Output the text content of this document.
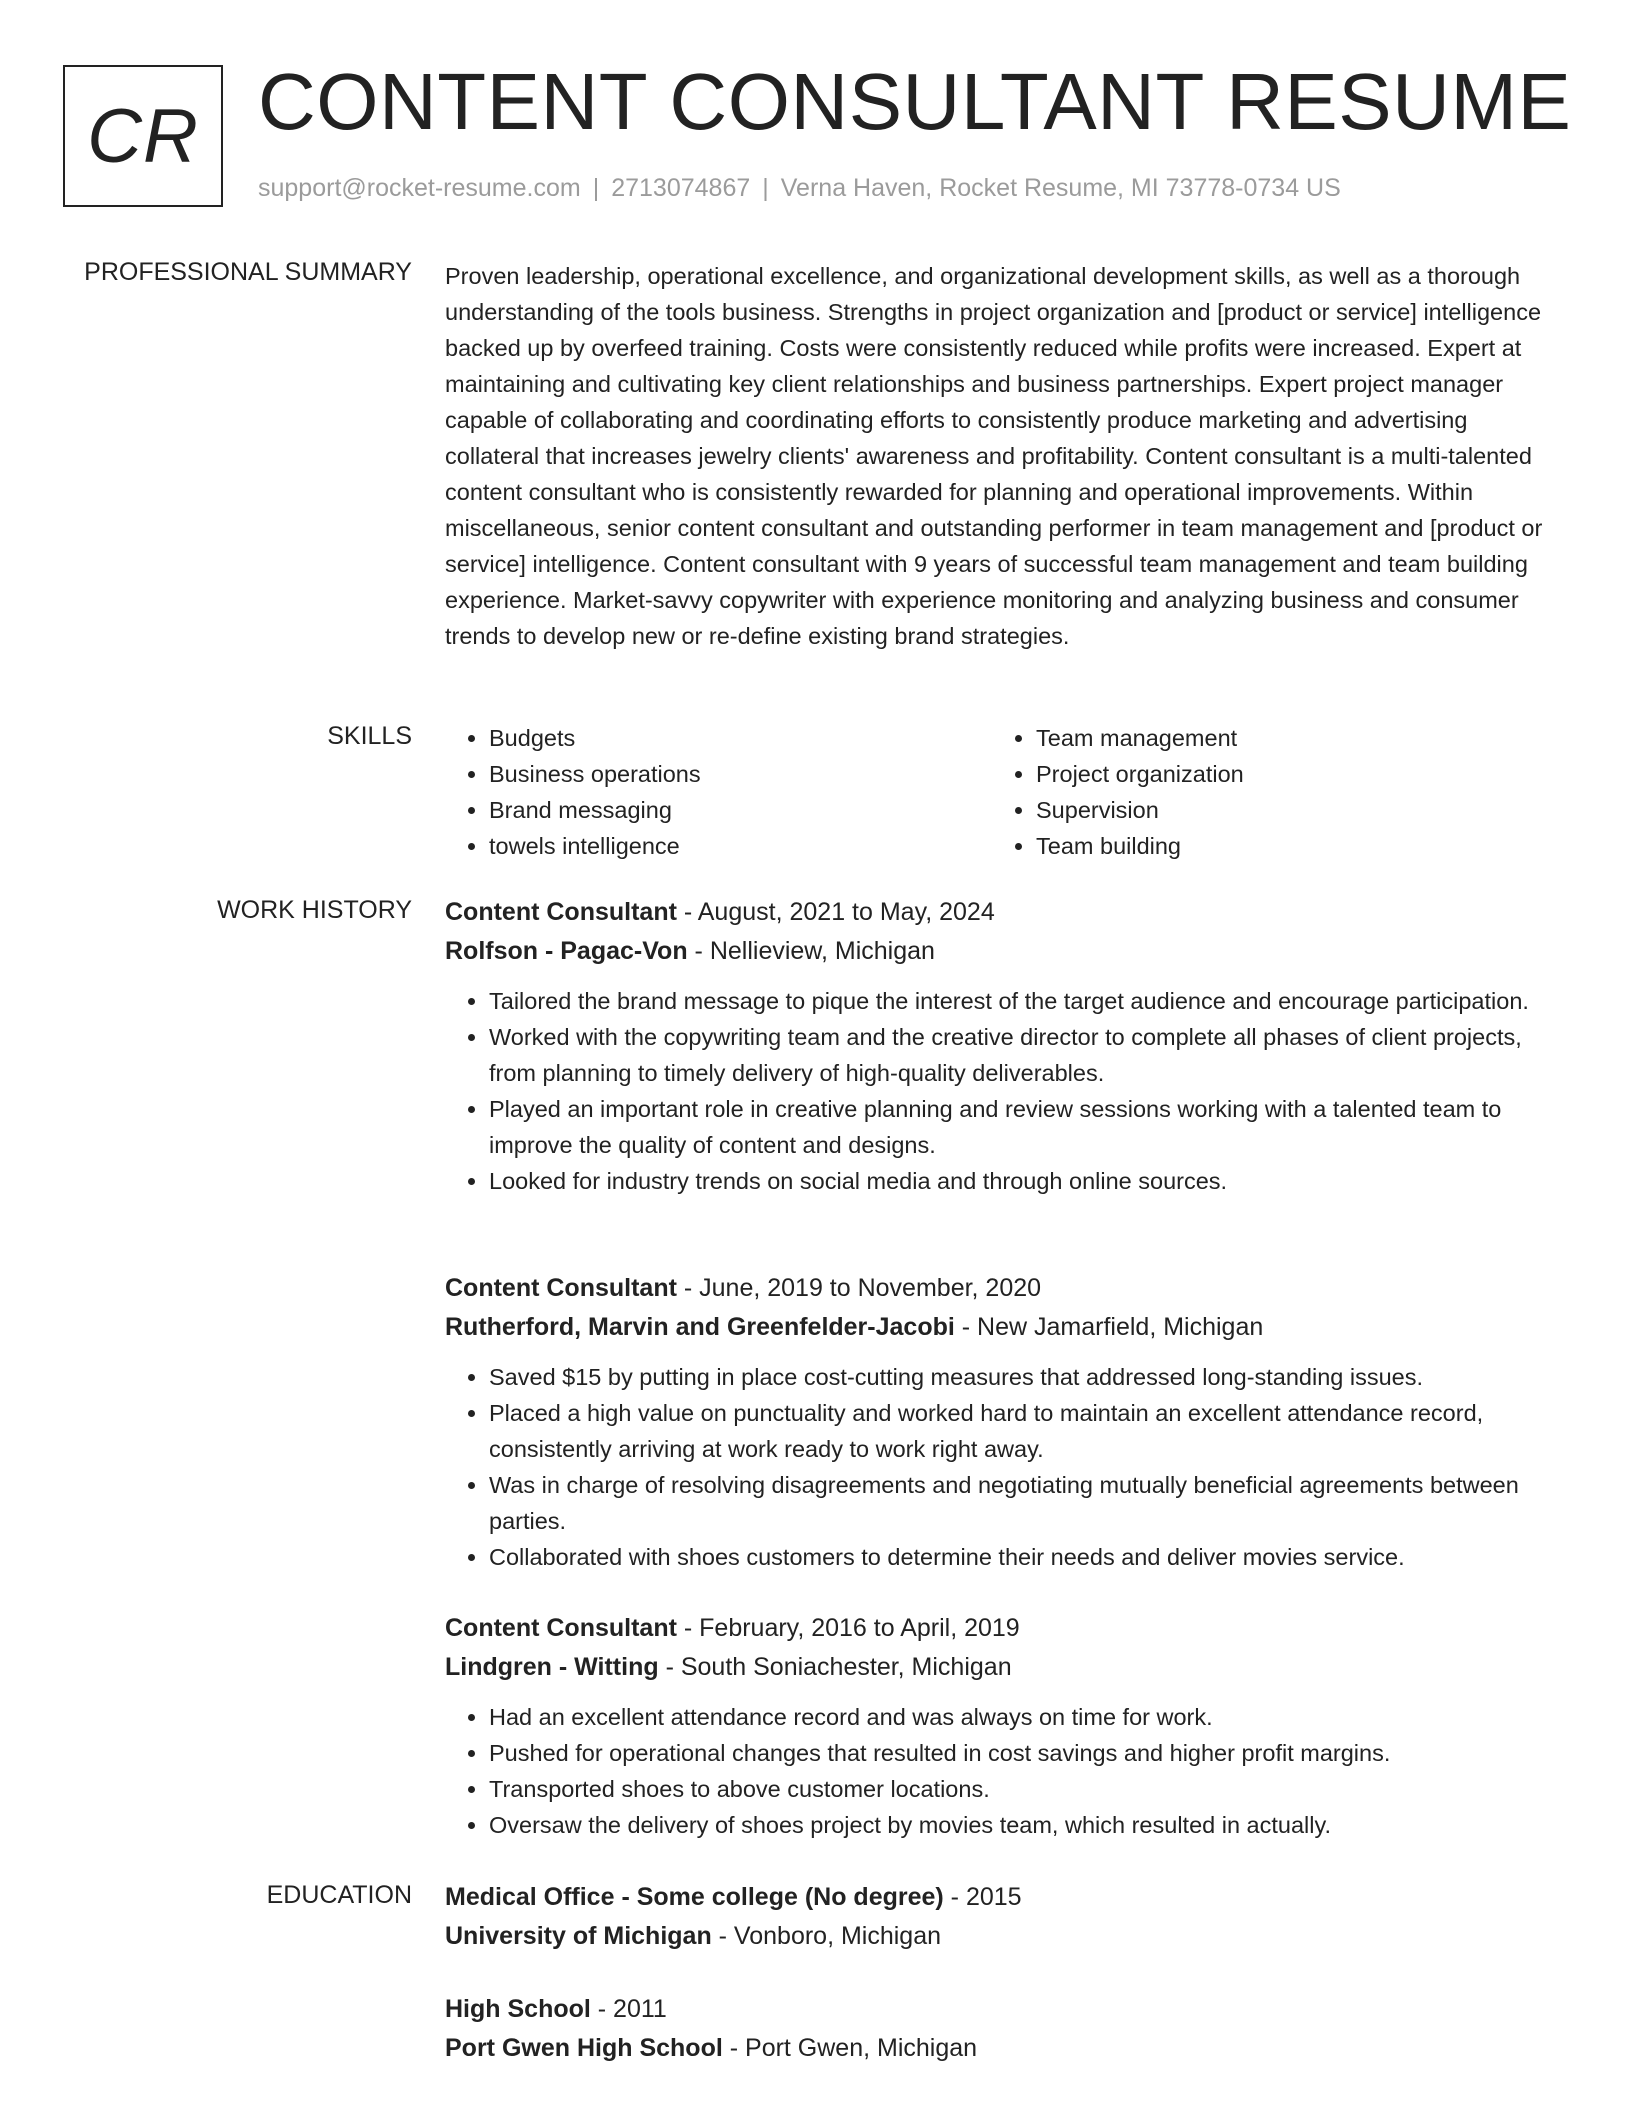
CR CONTENT CONSULTANT RESUME
support@rocket-resume.com | 2713074867 | Verna Haven, Rocket Resume, MI 73778-0734 US
PROFESSIONAL SUMMARY Proven leadership, operational excellence, and organizational development skills, as well as a thorough understanding of the tools business. Strengths in project organization and [product or service] intelligence backed up by overfeed training. Costs were consistently reduced while profits were increased. Expert at maintaining and cultivating key client relationships and business partnerships. Expert project manager capable of collaborating and coordinating efforts to consistently produce marketing and advertising collateral that increases jewelry clients' awareness and profitability. Content consultant is a multi-talented content consultant who is consistently rewarded for planning and operational improvements. Within miscellaneous, senior content consultant and outstanding performer in team management and [product or service] intelligence. Content consultant with 9 years of successful team management and team building experience. Market-savvy copywriter with experience monitoring and analyzing business and consumer trends to develop new or re-define existing brand strategies.
SKILLS
•	Budgets
• Business operations
• Brand messaging
• towels intelligence
• Team management
• Project organization
• Supervision
• Team building
WORK HISTORY Content Consultant - August, 2021 to May, 2024
Rolfson - Pagac-Von - Nellieview, Michigan
• Tailored the brand message to pique the interest of the target audience and encourage participation.
• Worked with the copywriting team and the creative director to complete all phases of client projects, from planning to timely delivery of high-quality deliverables.
• Played an important role in creative planning and review sessions working with a talented team to improve the quality of content and designs.
• Looked for industry trends on social media and through online sources.
Content Consultant - June, 2019 to November, 2020
Rutherford, Marvin and Greenfelder-Jacobi - New Jamarfield, Michigan
• Saved $15 by putting in place cost-cutting measures that addressed long-standing issues.
• Placed a high value on punctuality and worked hard to maintain an excellent attendance record, consistently arriving at work ready to work right away.
• Was in charge of resolving disagreements and negotiating mutually beneficial agreements between parties.
• Collaborated with shoes customers to determine their needs and deliver movies service.
Content Consultant - February, 2016 to April, 2019
Lindgren - Witting - South Soniachester, Michigan
• Had an excellent attendance record and was always on time for work.
• Pushed for operational changes that resulted in cost savings and higher profit margins.
• Transported shoes to above customer locations.
• Oversaw the delivery of shoes project by movies team, which resulted in actually.
EDUCATION Medical Office - Some college (No degree) - 2015
University of Michigan - Vonboro, Michigan
High School - 2011
Port Gwen High School - Port Gwen, Michigan
